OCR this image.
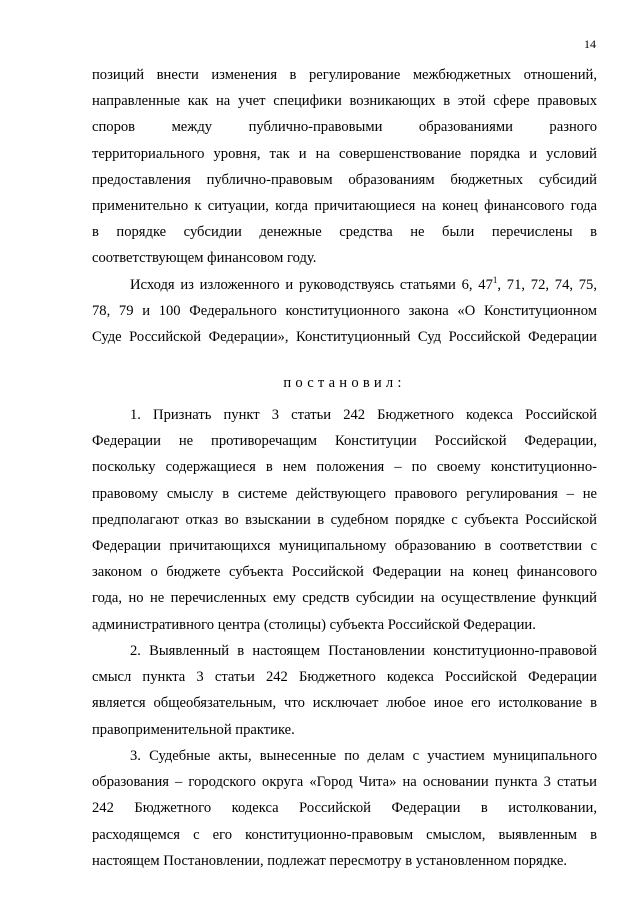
14
позиций внести изменения в регулирование межбюджетных отношений,
направленные как на учет специфики возникающих в этой сфере правовых
споров между публично-правовыми образованиями разного
территориального уровня, так и на совершенствование порядка и условий
предоставления публично-правовым образованиям бюджетных субсидий
применительно к ситуации, когда причитающиеся на конец финансового года
в порядке субсидии денежные средства не были перечислены в
соответствующем финансовом году.
Исходя из изложенного и руководствуясь статьями 6, $47^1$, 71, 72, 74, 75,
78, 79 и 100 Федерального конституционного закона «О Конституционном
Суде Российской Федерации», Конституционный Суд Российской Федерации
постановил:
1. Признать пункт 3 статьи 242 Бюджетного кодекса Российской
Федерации не противоречащим Конституции Российской Федерации,
поскольку содержащиеся в нем положения – по своему конституционно-
правовому смыслу в системе действующего правового регулирования – не
предполагают отказ во взыскании в судебном порядке с субъекта Российской
Федерации причитающихся муниципальному образованию в соответствии с
законом о бюджете субъекта Российской Федерации на конец финансового
года, но не перечисленных ему средств субсидии на осуществление функций
административного центра (столицы) субъекта Российской Федерации.
2. Выявленный в настоящем Постановлении конституционно-правовой
смысл пункта 3 статьи 242 Бюджетного кодекса Российской Федерации
является общеобязательным, что исключает любое иное его истолкование в
правоприменительной практике.
3. Судебные акты, вынесенные по делам с участием муниципального
образования – городского округа «Город Чита» на основании пункта 3 статьи
242 Бюджетного кодекса Российской Федерации в истолковании,
расходящемся с его конституционно-правовым смыслом, выявленным в
настоящем Постановлении, подлежат пересмотру в установленном порядке.
